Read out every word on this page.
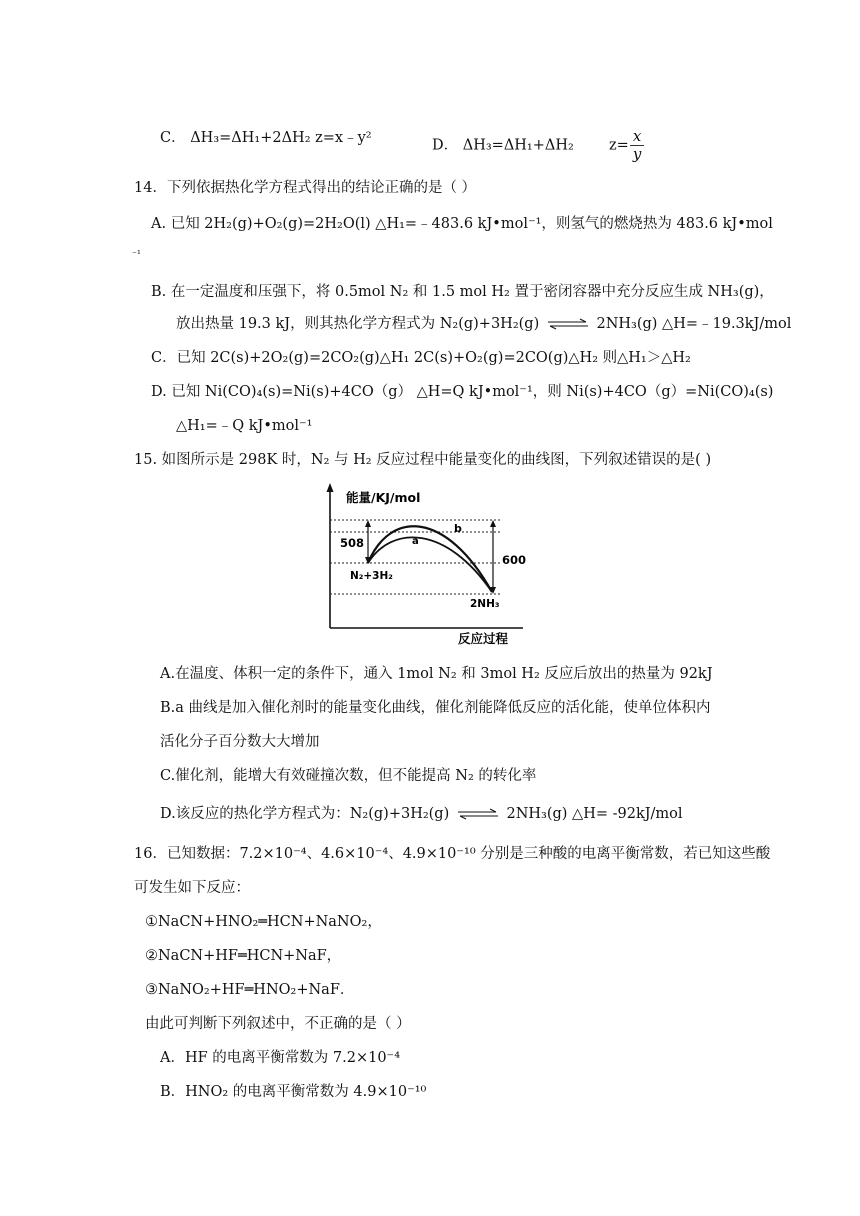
C． ΔH₃=ΔH₁+2ΔH₂ z=x﹣y²	D． ΔH₃=ΔH₁+ΔH₂ $z= \frac{x}{y}$
14．下列依据热化学方程式得出的结论正确的是（ ）
A. 已知 2H₂(g)+O₂(g)=2H₂O(l) △H₁=﹣483.6 kJ•mol⁻¹，则氢气的燃烧热为 483.6 kJ•mol
⁻¹
B. 在一定温度和压强下，将 0.5mol N₂ 和 1.5 mol H₂ 置于密闭容器中充分反应生成 NH₃(g)，
放出热量 19.3 kJ，则其热化学方程式为 N₂(g)+3H₂(g) ⇌ 2NH₃(g) △H=﹣19.3kJ/mol
C．已知 2C(s)+2O₂(g)=2CO₂(g)△H₁ 2C(s)+O₂(g)=2CO(g)△H₂ 则△H₁＞△H₂
D. 已知 Ni(CO)₄(s)=Ni(s)+4CO（g） △H=Q kJ•mol⁻¹，则 Ni(s)+4CO（g）=Ni(CO)₄(s)
△H₁=﹣Q kJ•mol⁻¹
15. 如图所示是 298K 时，N₂ 与 H₂ 反应过程中能量变化的曲线图，下列叙述错误的是( )
能量/KJ/mol
508
600
b
a
N₂+3H₂
2NH₃
反应过程
A.在温度、体积一定的条件下，通入 1mol N₂ 和 3mol H₂ 反应后放出的热量为 92kJ
B.a 曲线是加入催化剂时的能量变化曲线，催化剂能降低反应的活化能，使单位体积内
活化分子百分数大大增加
C.催化剂，能增大有效碰撞次数，但不能提高 N₂ 的转化率
D.该反应的热化学方程式为：N₂(g)+3H₂(g) ⇌ 2NH₃(g) △H= -92kJ/mol
16．已知数据：7.2×10⁻⁴、4.6×10⁻⁴、4.9×10⁻¹⁰ 分别是三种酸的电离平衡常数，若已知这些酸
可发生如下反应：
①NaCN+HNO₂═HCN+NaNO₂，
②NaCN+HF═HCN+NaF，
③NaNO₂+HF═HNO₂+NaF．
由此可判断下列叙述中，不正确的是（ ）
A．HF 的电离平衡常数为 7.2×10⁻⁴
B．HNO₂ 的电离平衡常数为 4.9×10⁻¹⁰
